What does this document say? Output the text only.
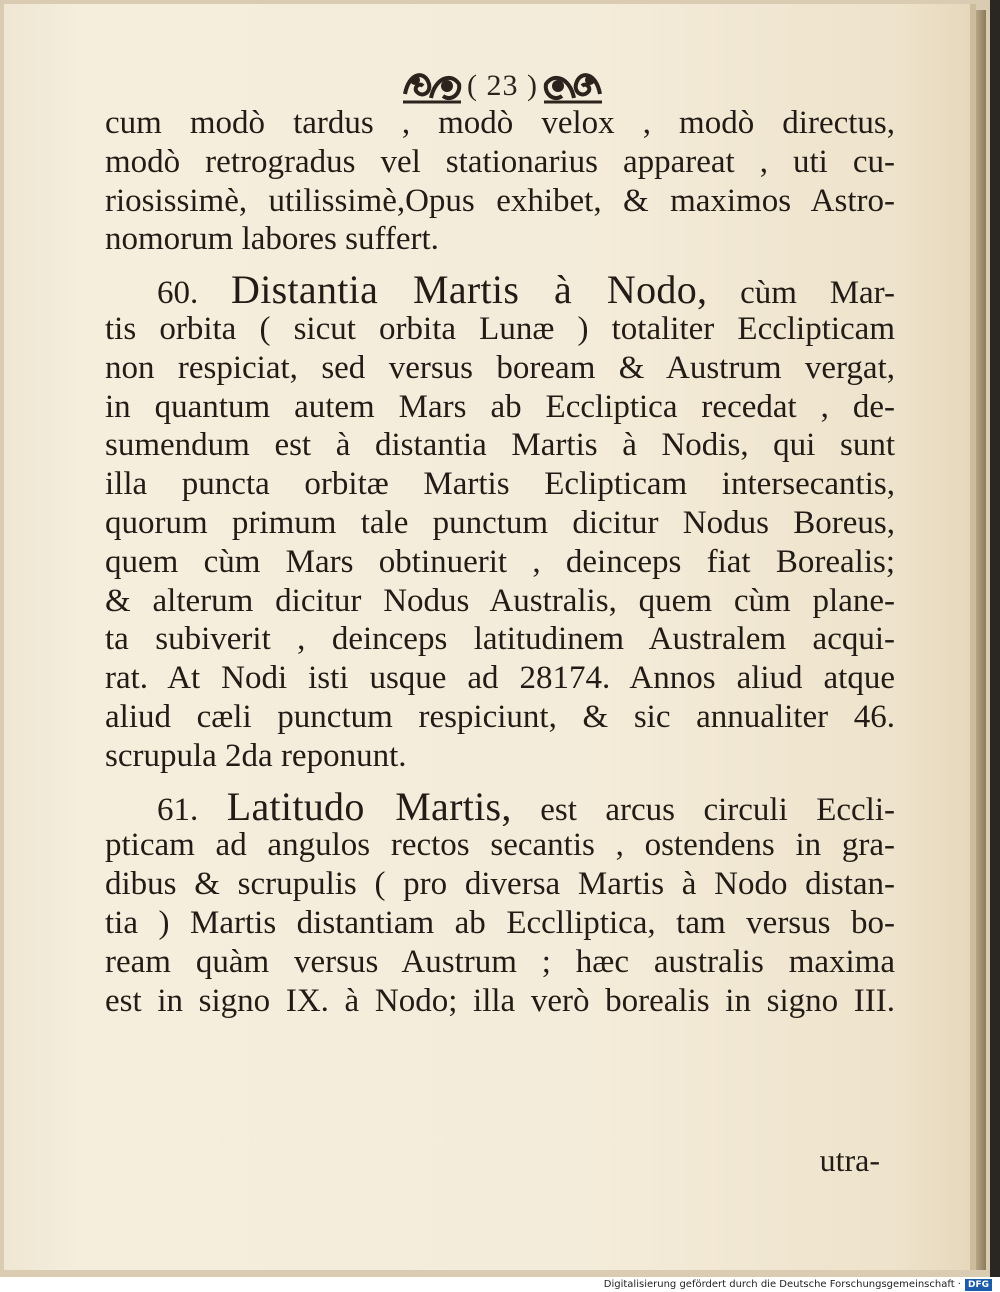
( 23 )
cum modò tardus , modò velox , modò directus,
modò retrogradus vel stationarius appareat , uti cu-
riosissimè, utilissimè,Opus exhibet, & maximos Astro-
nomorum labores suffert.
60. Distantia Martis à Nodo, cùm Mar-
tis orbita ( sicut orbita Lunæ ) totaliter Ecclipticam
non respiciat, sed versus boream & Austrum vergat,
in quantum autem Mars ab Eccliptica recedat , de-
sumendum est à distantia Martis à Nodis, qui sunt
illa puncta orbitæ Martis Eclipticam intersecantis,
quorum primum tale punctum dicitur Nodus Boreus,
quem cùm Mars obtinuerit , deinceps fiat Borealis;
& alterum dicitur Nodus Australis, quem cùm plane-
ta subiverit , deinceps latitudinem Australem acqui-
rat. At Nodi isti usque ad 28174. Annos aliud atque
aliud cæli punctum respiciunt, & sic annualiter 46.
scrupula 2da reponunt.
61. Latitudo Martis, est arcus circuli Eccli-
pticam ad angulos rectos secantis , ostendens in gra-
dibus & scrupulis ( pro diversa Martis à Nodo distan-
tia ) Martis distantiam ab Ecclliptica, tam versus bo-
ream quàm versus Austrum ; hæc australis maxima
est in signo IX. à Nodo; illa verò borealis in signo III.
utra-
Digitalisierung gefördert durch die Deutsche Forschungsgemeinschaft · DFG
